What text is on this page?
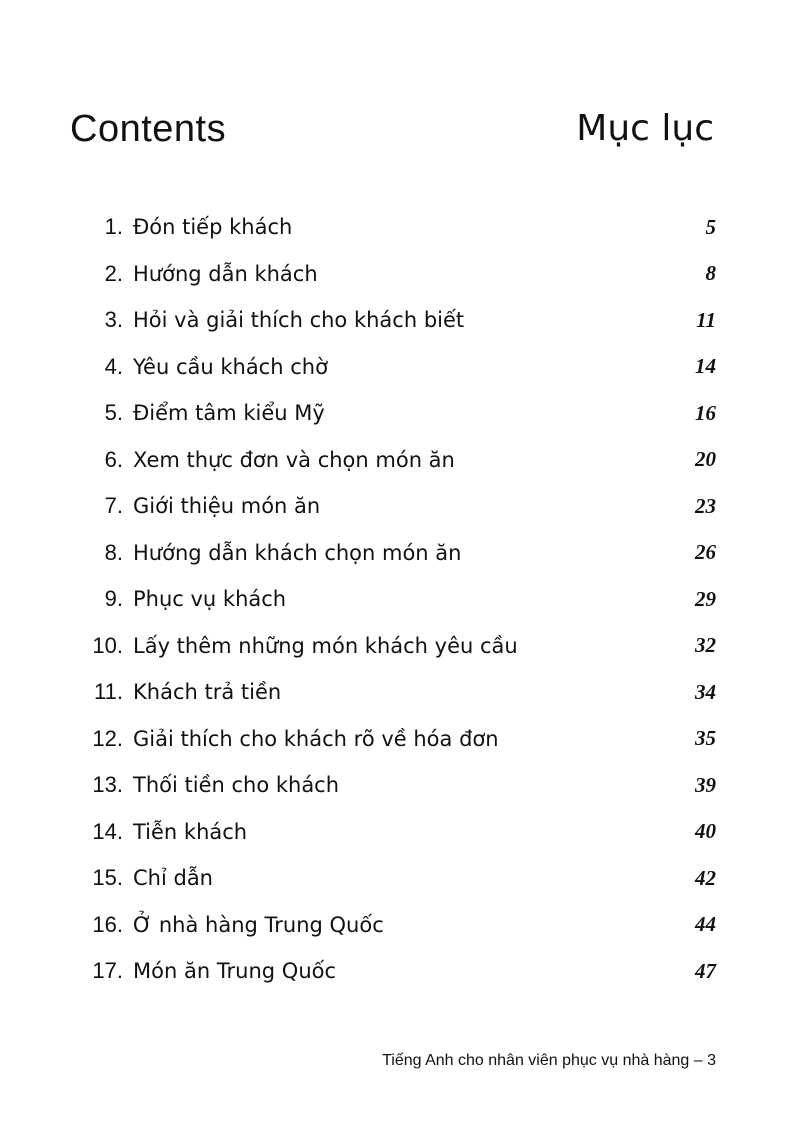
Contents	Mục lục
1. Đón tiếp khách	5
2. Hướng dẫn khách	8
3. Hỏi và giải thích cho khách biết	11
4. Yêu cầu khách chờ	14
5. Điểm tâm kiểu Mỹ	16
6. Xem thực đơn và chọn món ăn	20
7. Giới thiệu món ăn	23
8. Hướng dẫn khách chọn món ăn	26
9. Phục vụ khách	29
10. Lấy thêm những món khách yêu cầu	32
11. Khách trả tiền	34
12. Giải thích cho khách rõ về hóa đơn	35
13. Thối tiền cho khách	39
14. Tiễn khách	40
15. Chỉ dẫn	42
16. Ở nhà hàng Trung Quốc	44
17. Món ăn Trung Quốc	47
Tiếng Anh cho nhân viên phục vụ nhà hàng – 3
